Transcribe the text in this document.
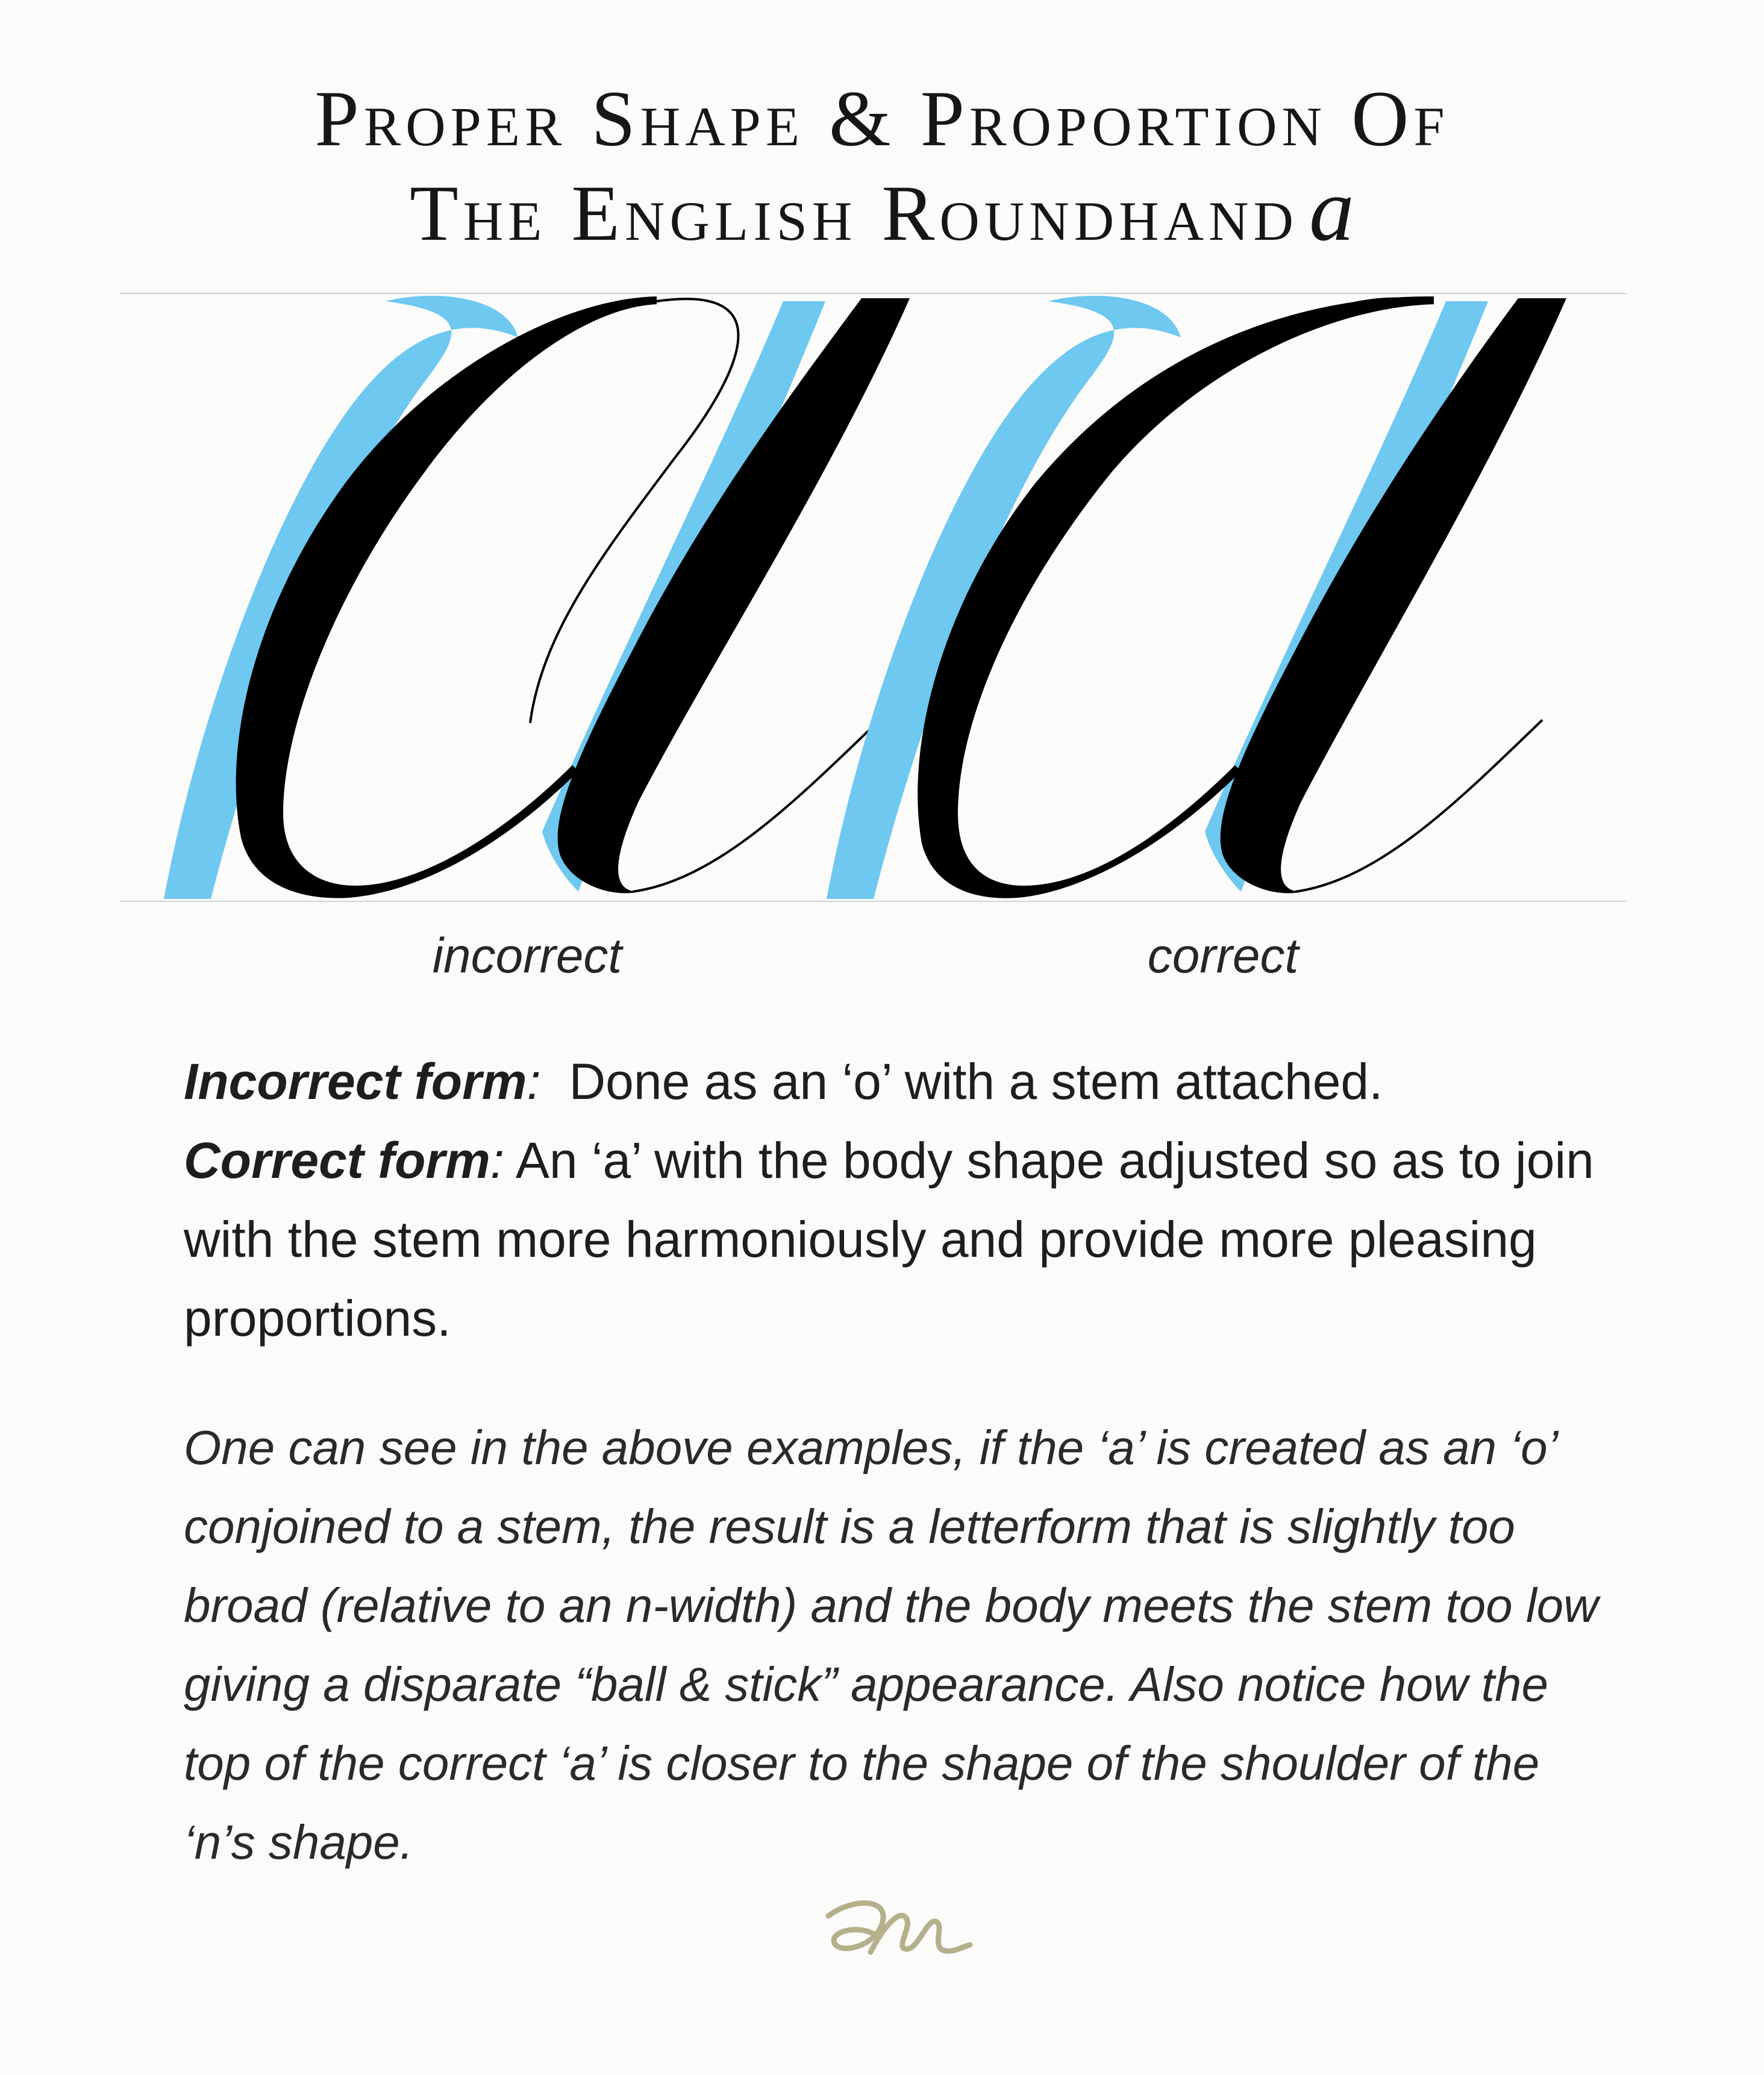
Proper Shape & Proportion Of
The English Roundhand a
incorrect	correct

Incorrect form: Done as an ‘o’ with a stem attached.

Correct form: An ‘a’ with the body shape adjusted so as to join with the stem more harmoniously and provide more pleasing proportions.

One can see in the above examples, if the ‘a’ is created as an ‘o’ conjoined to a stem, the result is a letterform that is slightly too broad (relative to an n-width) and the body meets the stem too low giving a disparate “ball & stick” appearance. Also notice how the top of the correct ‘a’ is closer to the shape of the shoulder of the ‘n’s shape.
